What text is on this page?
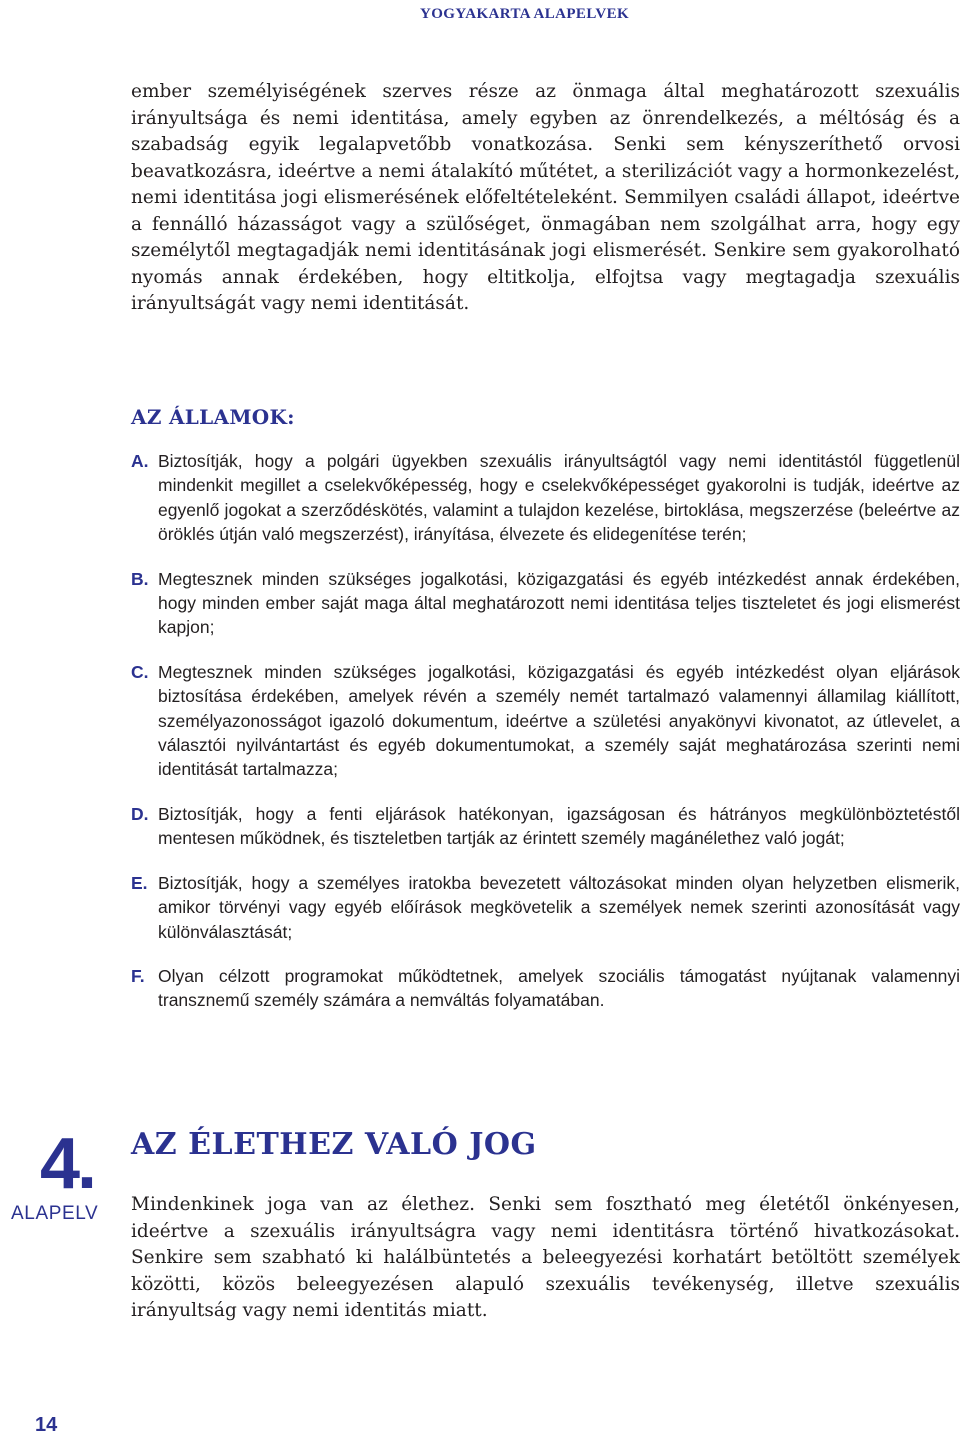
YOGYAKARTA ALAPELVEK

ember személyiségének szerves része az önmaga által meghatározott szexuális irányultsága és nemi identitása, amely egyben az önrendelkezés, a méltóság és a szabadság egyik legalapvetőbb vonatkozása. Senki sem kényszeríthető orvosi beavatkozásra, ideértve a nemi átalakító műtétet, a sterilizációt vagy a hormonkezelést, nemi identitása jogi elismerésének előfeltételeként. Semmilyen családi állapot, ideértve a fennálló házasságot vagy a szülőséget, önmagában nem szolgálhat arra, hogy egy személytől megtagadják nemi identitásának jogi elismerését. Senkire sem gyakorolható nyomás annak érdekében, hogy eltitkolja, elfojtsa vagy megtagadja szexuális irányultságát vagy nemi identitását.

AZ ÁLLAMOK:
A. Biztosítják, hogy a polgári ügyekben szexuális irányultságtól vagy nemi identitástól függetlenül mindenkit megillet a cselekvőképesség, hogy e cselekvőképességet gyakorolni is tudják, ideértve az egyenlő jogokat a szerződéskötés, valamint a tulajdon kezelése, birtoklása, megszerzése (beleértve az öröklés útján való megszerzést), irányítása, élvezete és elidegenítése terén;
B. Megtesznek minden szükséges jogalkotási, közigazgatási és egyéb intézkedést annak érdekében, hogy minden ember saját maga által meghatározott nemi identitása teljes tiszteletet és jogi elismerést kapjon;
C. Megtesznek minden szükséges jogalkotási, közigazgatási és egyéb intézkedést olyan eljárások biztosítása érdekében, amelyek révén a személy nemét tartalmazó valamennyi államilag kiállított, személyazonosságot igazoló dokumentum, ideértve a születési anyakönyvi kivonatot, az útlevelet, a választói nyilvántartást és egyéb dokumentumokat, a személy saját meghatározása szerinti nemi identitását tartalmazza;
D. Biztosítják, hogy a fenti eljárások hatékonyan, igazságosan és hátrányos megkülönböztetéstől mentesen működnek, és tiszteletben tartják az érintett személy magánélethez való jogát;
E. Biztosítják, hogy a személyes iratokba bevezetett változásokat minden olyan helyzetben elismerik, amikor törvényi vagy egyéb előírások megkövetelik a személyek nemek szerinti azonosítását vagy különválasztását;
F. Olyan célzott programokat működtetnek, amelyek szociális támogatást nyújtanak valamennyi transznemű személy számára a nemváltás folyamatában.
4.
ALAPELV
AZ ÉLETHEZ VALÓ JOG

Mindenkinek joga van az élethez. Senki sem fosztható meg életétől önkényesen, ideértve a szexuális irányultságra vagy nemi identitásra történő hivatkozásokat. Senkire sem szabható ki halálbüntetés a beleegyezési korhatárt betöltött személyek közötti, közös beleegyezésen alapuló szexuális tevékenység, illetve szexuális irányultság vagy nemi identitás miatt.

14
